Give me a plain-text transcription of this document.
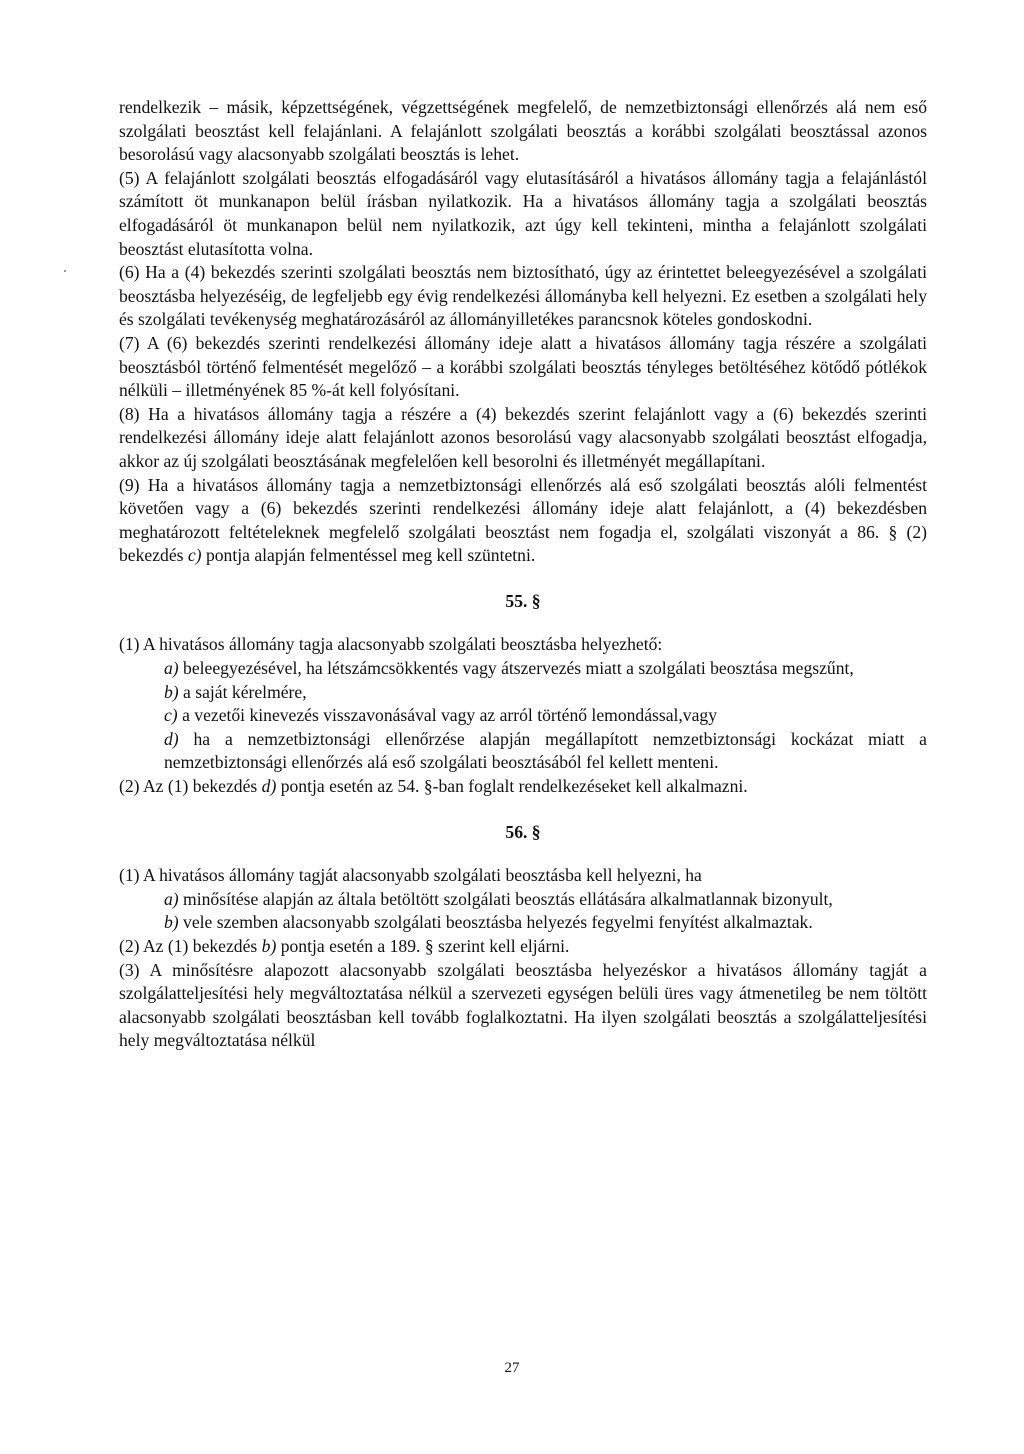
rendelkezik – másik, képzettségének, végzettségének megfelelő, de nemzetbiztonsági ellenőrzés alá nem eső szolgálati beosztást kell felajánlani. A felajánlott szolgálati beosztás a korábbi szolgálati beosztással azonos besorolású vagy alacsonyabb szolgálati beosztás is lehet.

(5) A felajánlott szolgálati beosztás elfogadásáról vagy elutasításáról a hivatásos állomány tagja a felajánlástól számított öt munkanapon belül írásban nyilatkozik. Ha a hivatásos állomány tagja a szolgálati beosztás elfogadásáról öt munkanapon belül nem nyilatkozik, azt úgy kell tekinteni, mintha a felajánlott szolgálati beosztást elutasította volna.

(6) Ha a (4) bekezdés szerinti szolgálati beosztás nem biztosítható, úgy az érintettet beleegyezésével a szolgálati beosztásba helyezéséig, de legfeljebb egy évig rendelkezési állományba kell helyezni. Ez esetben a szolgálati hely és szolgálati tevékenység meghatározásáról az állományilletékes parancsnok köteles gondoskodni.

(7) A (6) bekezdés szerinti rendelkezési állomány ideje alatt a hivatásos állomány tagja részére a szolgálati beosztásból történő felmentését megelőző – a korábbi szolgálati beosztás tényleges betöltéséhez kötődő pótlékok nélküli – illetményének 85 %-át kell folyósítani.

(8) Ha a hivatásos állomány tagja a részére a (4) bekezdés szerint felajánlott vagy a (6) bekezdés szerinti rendelkezési állomány ideje alatt felajánlott azonos besorolású vagy alacsonyabb szolgálati beosztást elfogadja, akkor az új szolgálati beosztásának megfelelően kell besorolni és illetményét megállapítani.

(9) Ha a hivatásos állomány tagja a nemzetbiztonsági ellenőrzés alá eső szolgálati beosztás alóli felmentést követően vagy a (6) bekezdés szerinti rendelkezési állomány ideje alatt felajánlott, a (4) bekezdésben meghatározott feltételeknek megfelelő szolgálati beosztást nem fogadja el, szolgálati viszonyát a 86. § (2) bekezdés c) pontja alapján felmentéssel meg kell szüntetni.

55. §

(1) A hivatásos állomány tagja alacsonyabb szolgálati beosztásba helyezhető:

a) beleegyezésével, ha létszámcsökkentés vagy átszervezés miatt a szolgálati beosztása megszűnt,

b) a saját kérelmére,

c) a vezetői kinevezés visszavonásával vagy az arról történő lemondással,vagy

d) ha a nemzetbiztonsági ellenőrzése alapján megállapított nemzetbiztonsági kockázat miatt a nemzetbiztonsági ellenőrzés alá eső szolgálati beosztásából fel kellett menteni.

(2) Az (1) bekezdés d) pontja esetén az 54. §-ban foglalt rendelkezéseket kell alkalmazni.

56. §

(1) A hivatásos állomány tagját alacsonyabb szolgálati beosztásba kell helyezni, ha

a) minősítése alapján az általa betöltött szolgálati beosztás ellátására alkalmatlannak bizonyult,

b) vele szemben alacsonyabb szolgálati beosztásba helyezés fegyelmi fenyítést alkalmaztak.

(2) Az (1) bekezdés b) pontja esetén a 189. § szerint kell eljárni.

(3) A minősítésre alapozott alacsonyabb szolgálati beosztásba helyezéskor a hivatásos állomány tagját a szolgálatteljesítési hely megváltoztatása nélkül a szervezeti egységen belüli üres vagy átmenetileg be nem töltött alacsonyabb szolgálati beosztásban kell tovább foglalkoztatni. Ha ilyen szolgálati beosztás a szolgálatteljesítési hely megváltoztatása nélkül

27
